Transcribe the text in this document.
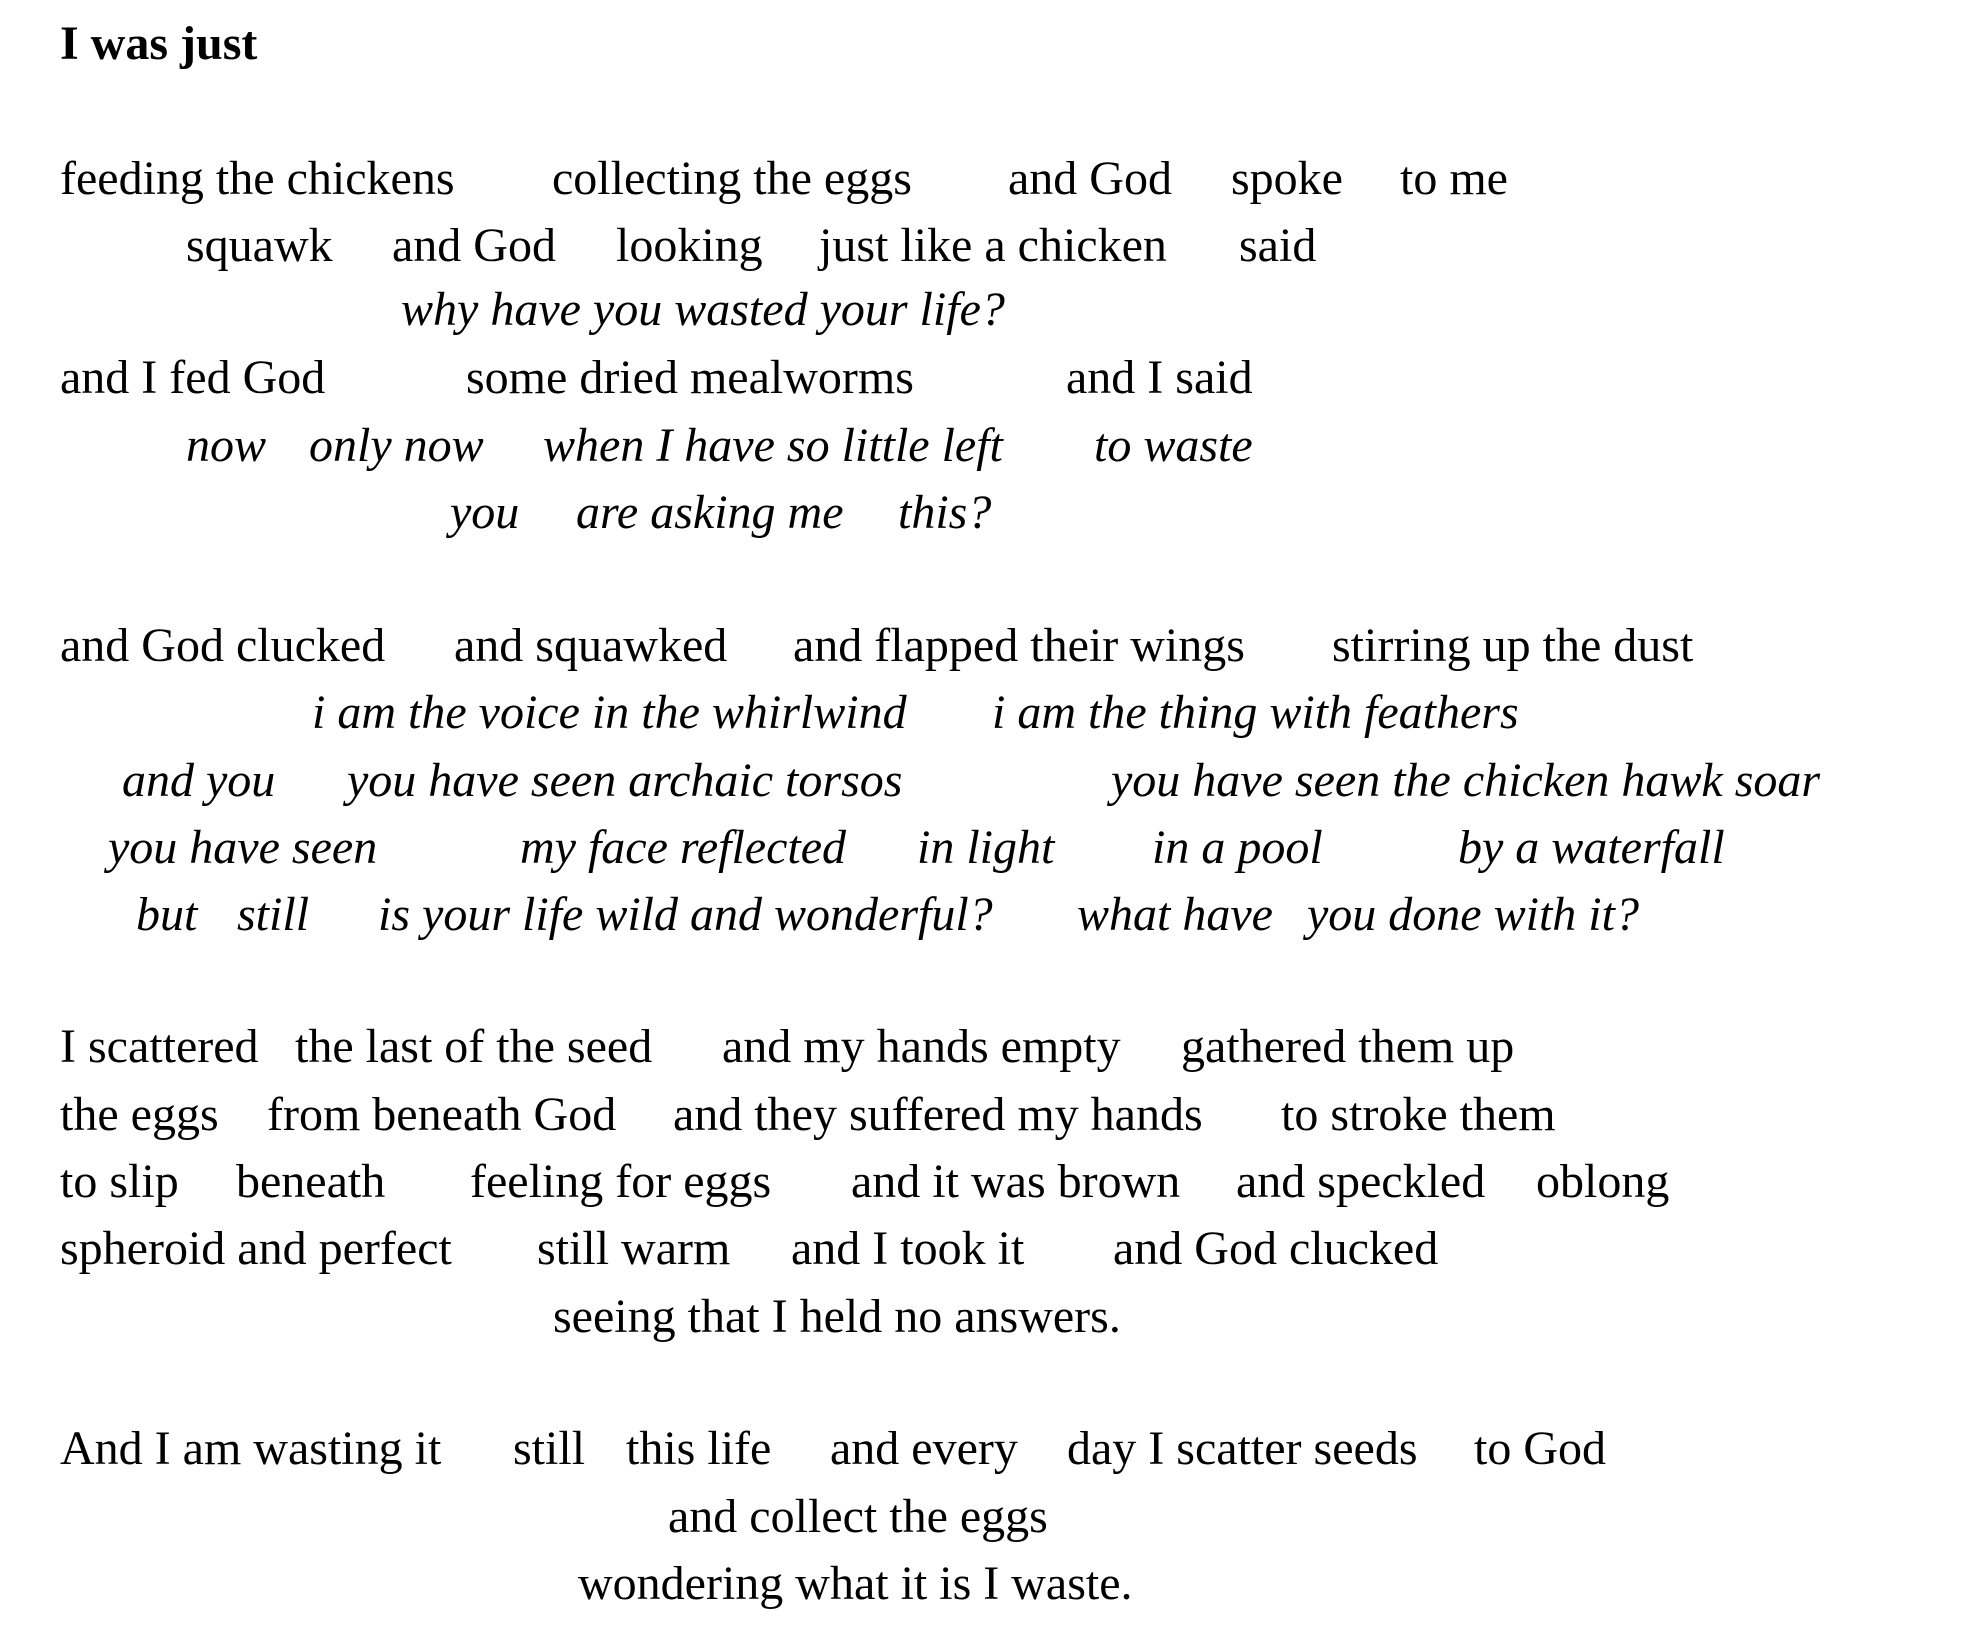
I was just
feeding the chickens collecting the eggs and God spoke to me
squawk and God looking just like a chicken said
why have you wasted your life?
and I fed God	some dried mealworms	and I said
now only now when I have so little left to waste
you are asking me this?
and God clucked and squawked and flapped their wings stirring up the dust
i am the voice in the whirlwind i am the thing with feathers
and you you have seen archaic torsos	you have seen the chicken hawk soar
you have seen	my face reflected in light in a pool	by a waterfall
but still is your life wild and wonderful? what have you done with it?
I scattered the last of the seed and my hands empty gathered them up
the eggs from beneath God and they suffered my hands to stroke them
to slip beneath feeling for eggs and it was brown and speckled oblong
spheroid and perfect still warm and I took it and God clucked
seeing that I held no answers.
And I am wasting it still this life and every day I scatter seeds to God
and collect the eggs
wondering what it is I waste.
